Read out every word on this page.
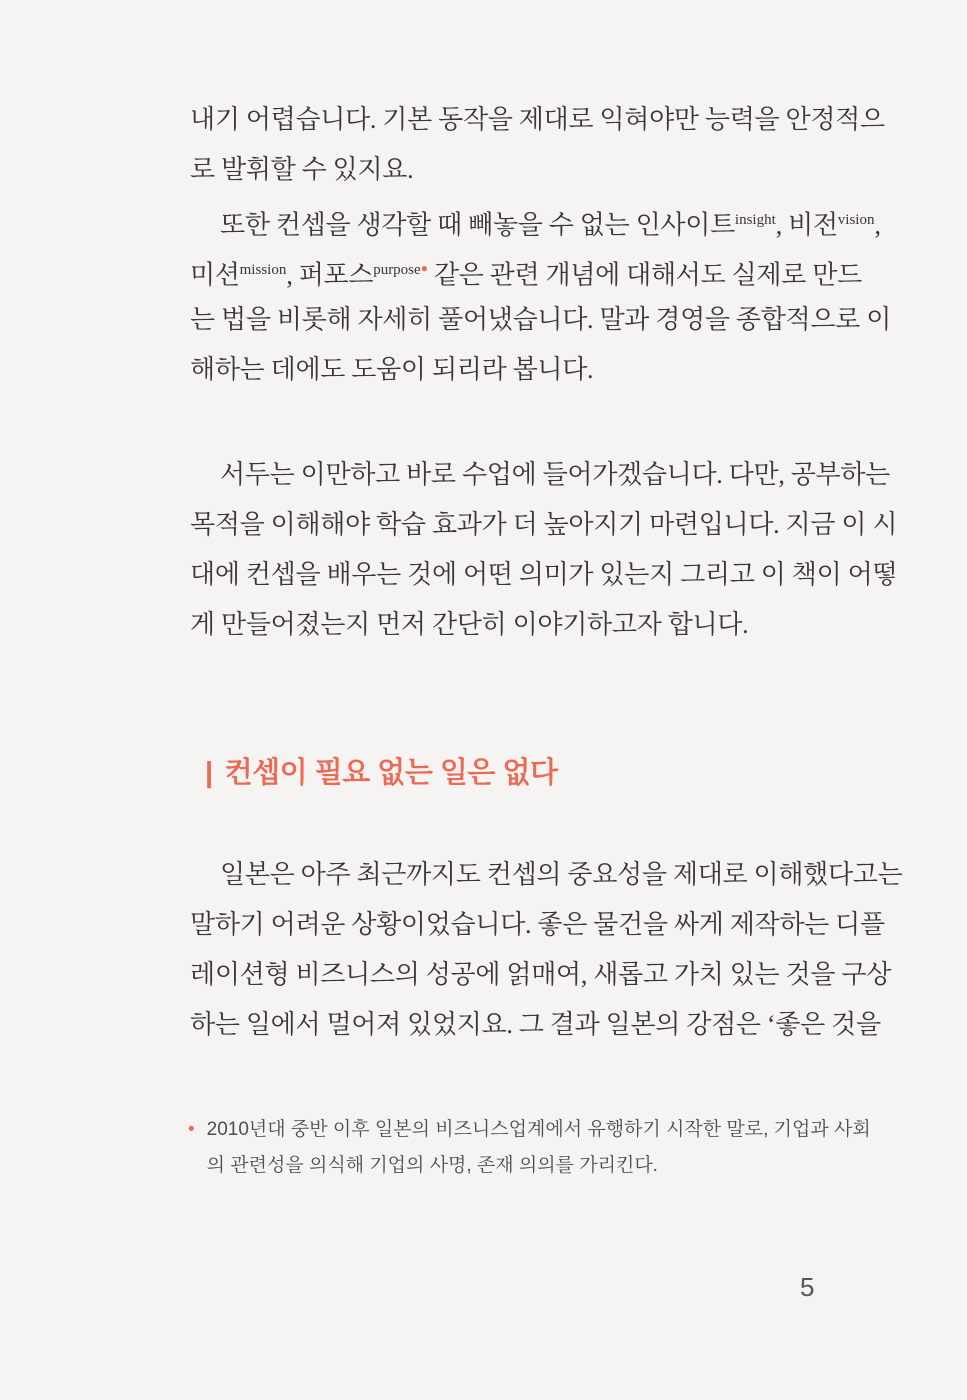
내기 어렵습니다. 기본 동작을 제대로 익혀야만 능력을 안정적으
로 발휘할 수 있지요.
또한 컨셉을 생각할 때 빼놓을 수 없는 인사이트$^{insight}$, 비전$^{vision}$,
미션$^{mission}$, 퍼포스$^{purpose●}$ 같은 관련 개념에 대해서도 실제로 만드
는 법을 비롯해 자세히 풀어냈습니다. 말과 경영을 종합적으로 이
해하는 데에도 도움이 되리라 봅니다.
서두는 이만하고 바로 수업에 들어가겠습니다. 다만, 공부하는
목적을 이해해야 학습 효과가 더 높아지기 마련입니다. 지금 이 시
대에 컨셉을 배우는 것에 어떤 의미가 있는지 그리고 이 책이 어떻
게 만들어졌는지 먼저 간단히 이야기하고자 합니다.
| 컨셉이 필요 없는 일은 없다
일본은 아주 최근까지도 컨셉의 중요성을 제대로 이해했다고는
말하기 어려운 상황이었습니다. 좋은 물건을 싸게 제작하는 디플
레이션형 비즈니스의 성공에 얽매여, 새롭고 가치 있는 것을 구상
하는 일에서 멀어져 있었지요. 그 결과 일본의 강점은 ‘좋은 것을
• 2010년대 중반 이후 일본의 비즈니스업계에서 유행하기 시작한 말로, 기업과 사회
의 관련성을 의식해 기업의 사명, 존재 의의를 가리킨다.
5
